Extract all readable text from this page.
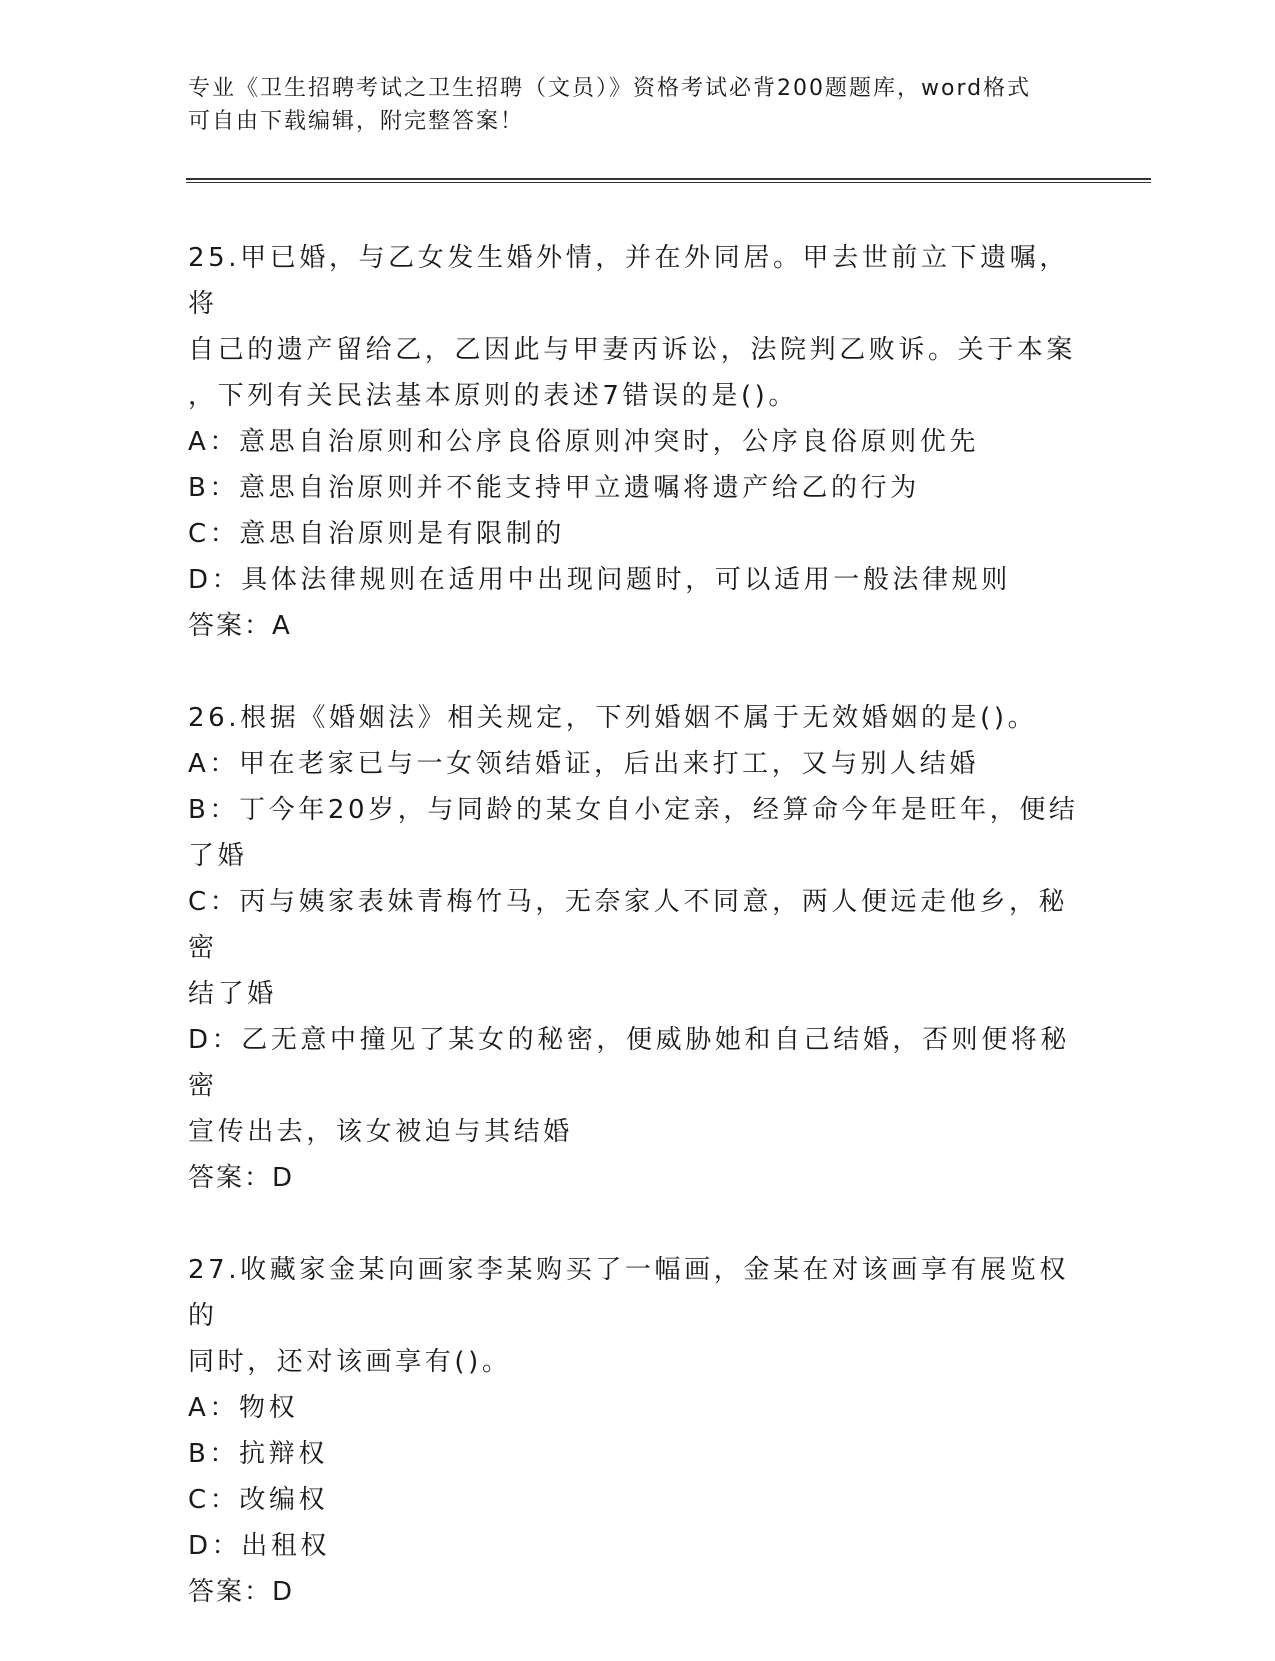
专业《卫生招聘考试之卫生招聘（文员）》资格考试必背200题题库，word格式
可自由下载编辑，附完整答案！
25.甲已婚，与乙女发生婚外情，并在外同居。甲去世前立下遗嘱，将
自己的遗产留给乙，乙因此与甲妻丙诉讼，法院判乙败诉。关于本案
，下列有关民法基本原则的表述7错误的是()。
A：意思自治原则和公序良俗原则冲突时，公序良俗原则优先
B：意思自治原则并不能支持甲立遗嘱将遗产给乙的行为
C：意思自治原则是有限制的
D：具体法律规则在适用中出现问题时，可以适用一般法律规则
答案：A
26.根据《婚姻法》相关规定，下列婚姻不属于无效婚姻的是()。
A：甲在老家已与一女领结婚证，后出来打工，又与别人结婚
B：丁今年20岁，与同龄的某女自小定亲，经算命今年是旺年，便结
了婚
C：丙与姨家表妹青梅竹马，无奈家人不同意，两人便远走他乡，秘密
结了婚
D：乙无意中撞见了某女的秘密，便威胁她和自己结婚，否则便将秘密
宣传出去，该女被迫与其结婚
答案：D
27.收藏家金某向画家李某购买了一幅画，金某在对该画享有展览权的
同时，还对该画享有()。
A：物权
B：抗辩权
C：改编权
D：出租权
答案：D
